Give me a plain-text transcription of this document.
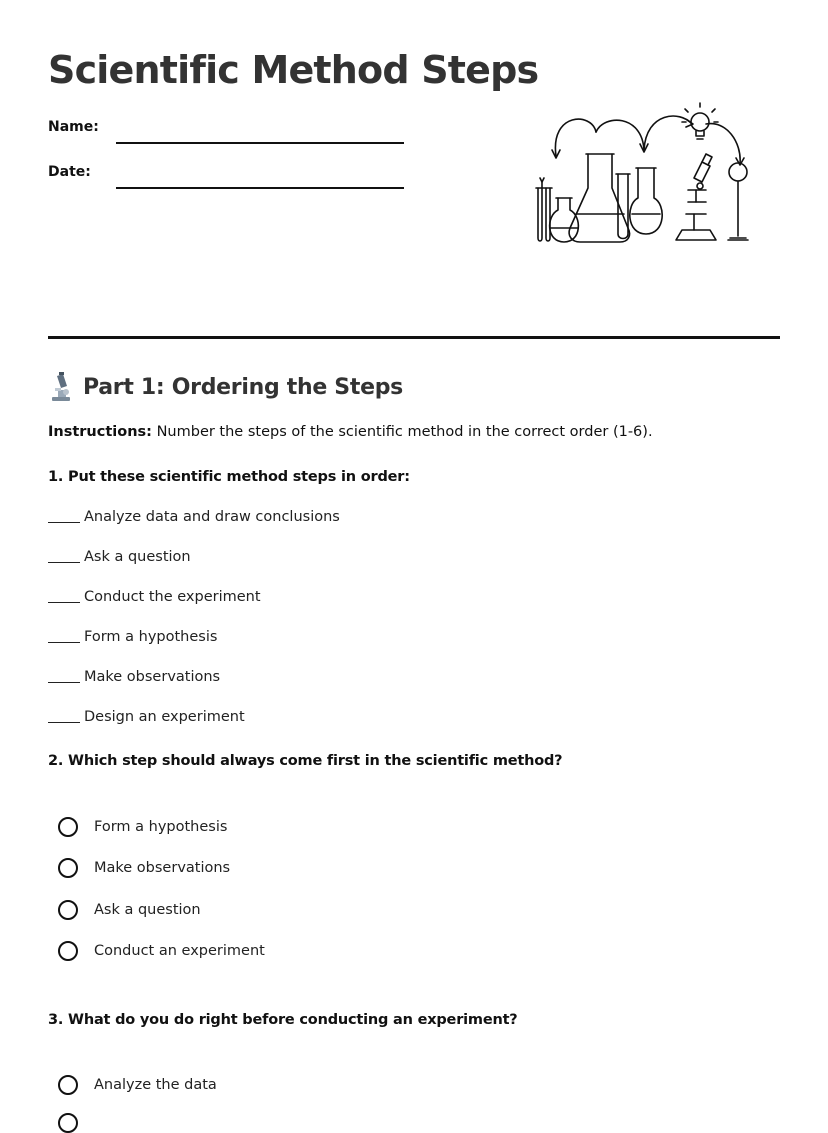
Scientific Method Steps
Name:
Date:
Part 1: Ordering the Steps
Instructions: Number the steps of the scientific method in the correct order (1-6).
1. Put these scientific method steps in order:
Analyze data and draw conclusions
Ask a question
Conduct the experiment
Form a hypothesis
Make observations
Design an experiment
2. Which step should always come first in the scientific method?
Form a hypothesis
Make observations
Ask a question
Conduct an experiment
3. What do you do right before conducting an experiment?
Analyze the data
